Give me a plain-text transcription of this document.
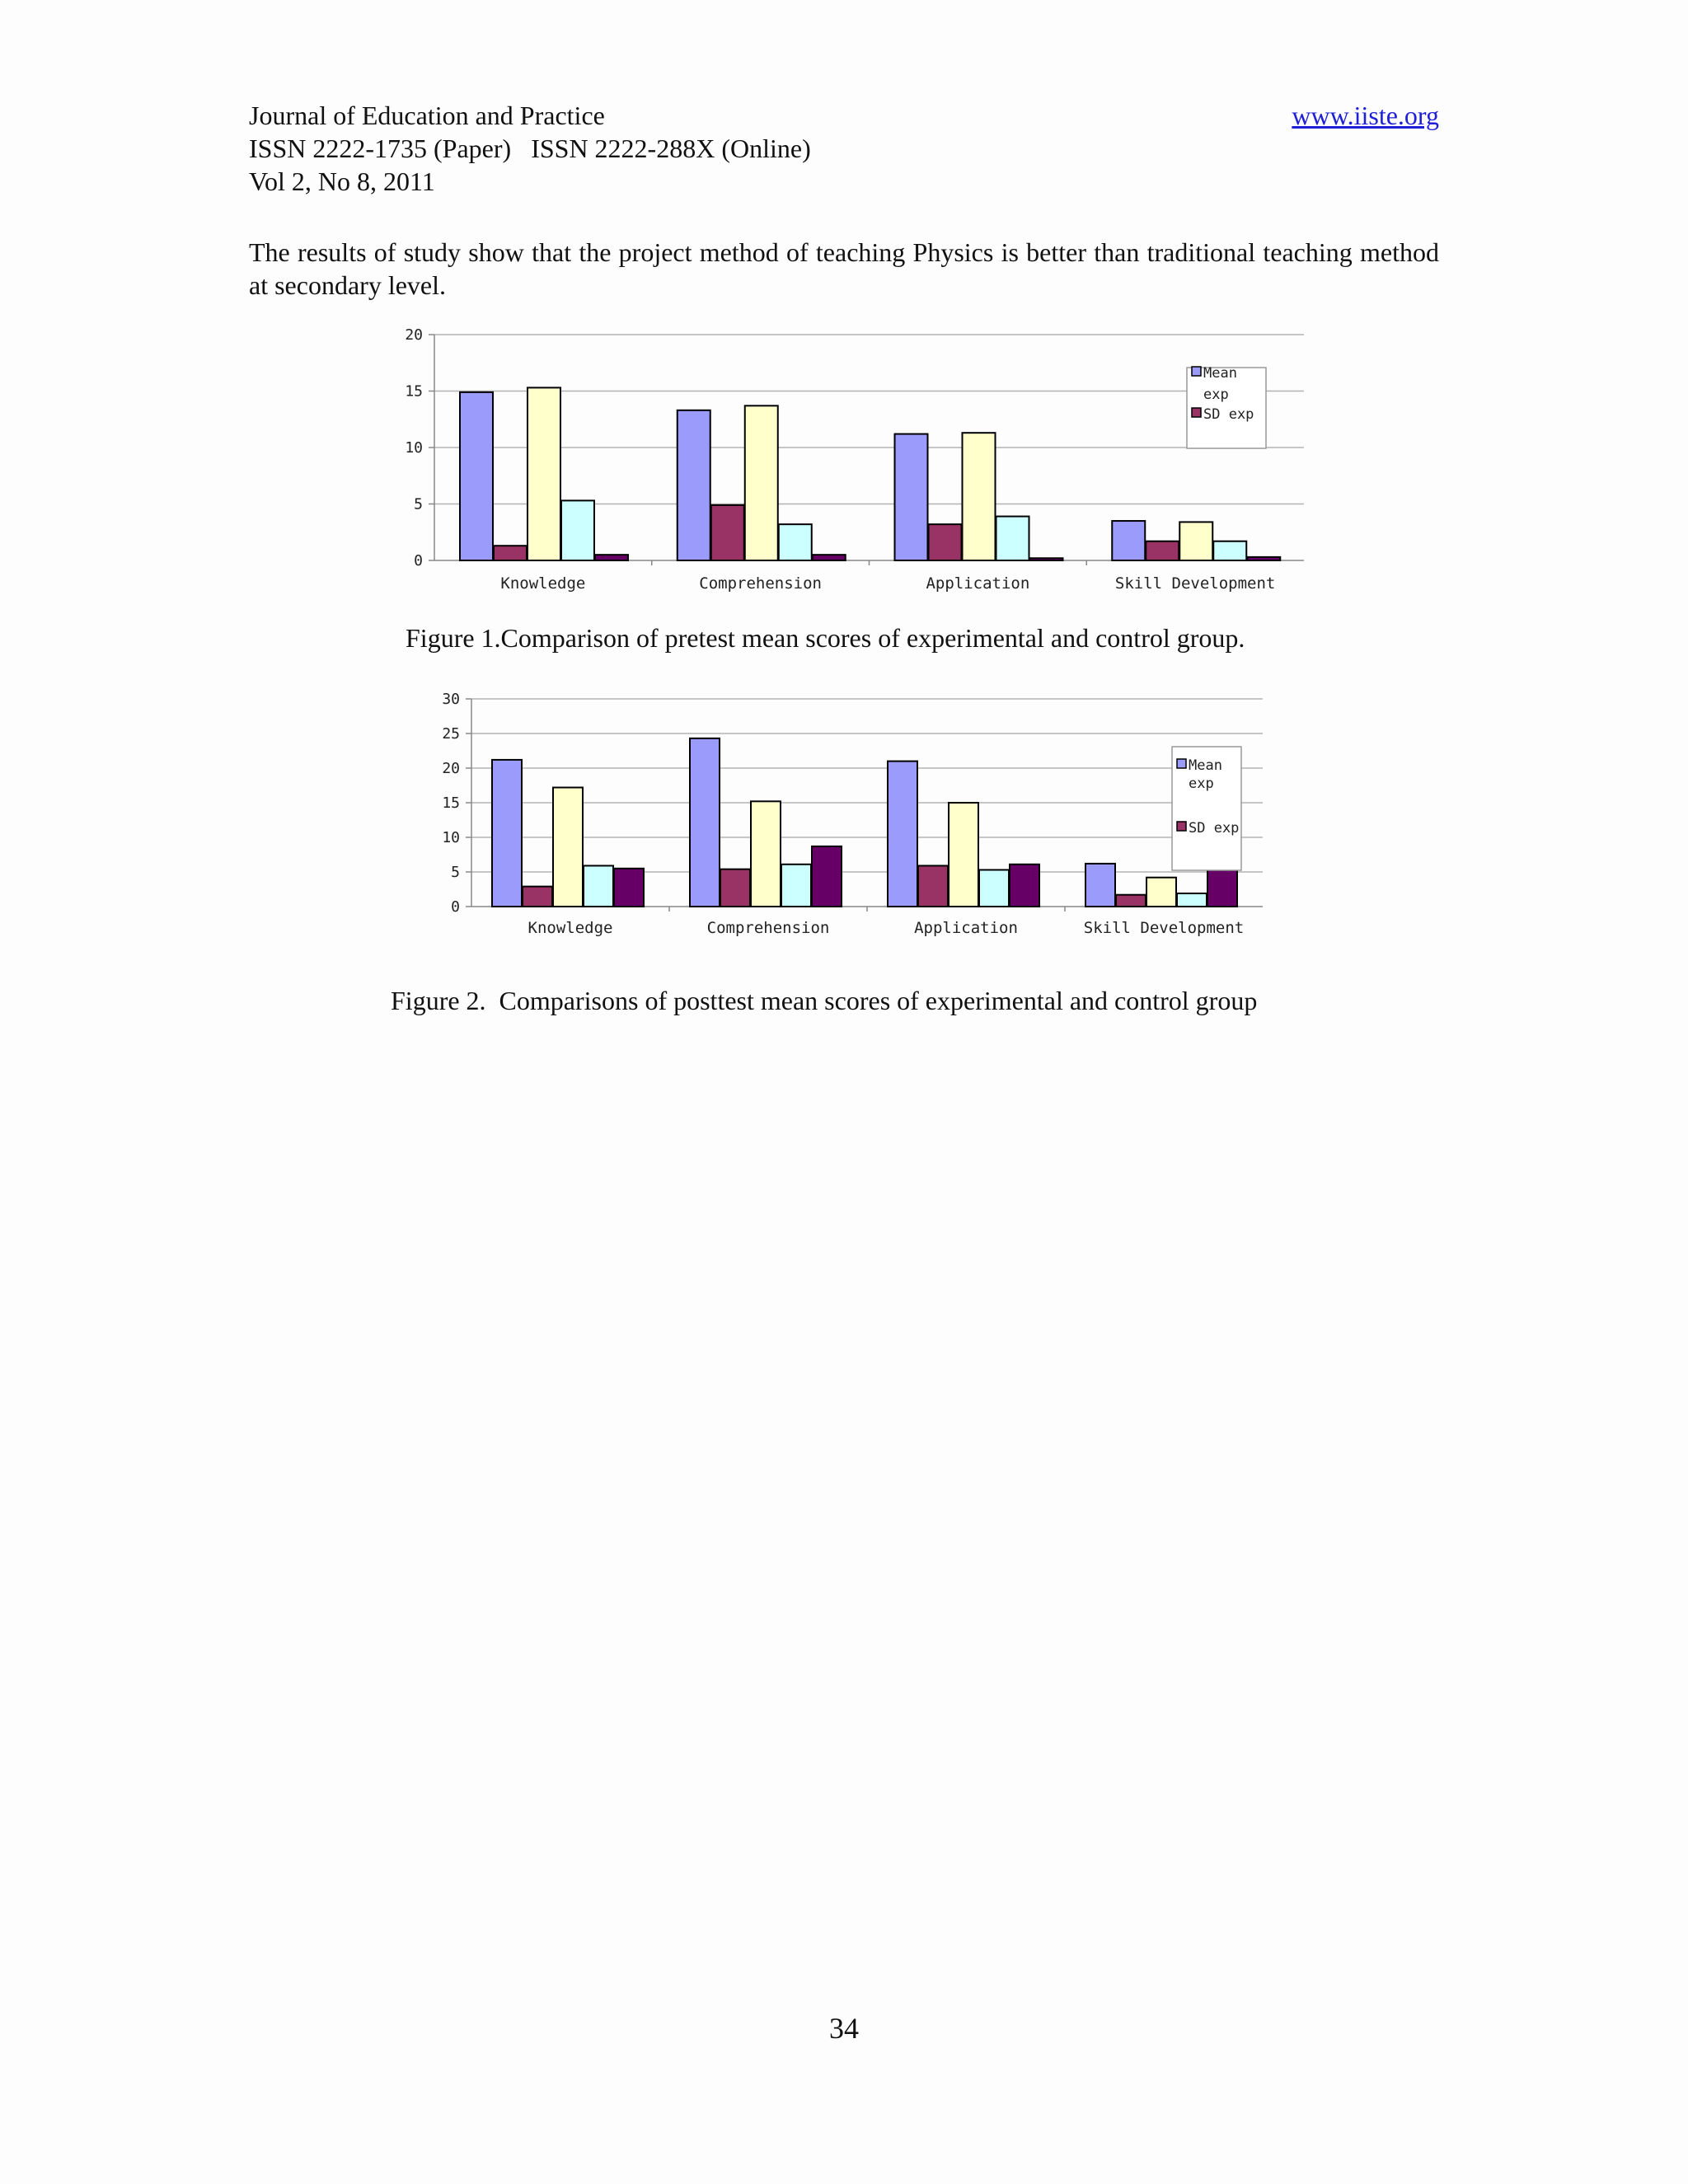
Journal of Education and Practice	www.iiste.org
ISSN 2222-1735 (Paper)   ISSN 2222-288X (Online)
Vol 2, No 8, 2011

The results of study show that the project method of teaching Physics is better than traditional teaching method at secondary level.

0
5
10
15
20
Knowledge	Comprehension	Application	Skill Development
Mean
exp
SD exp
Figure 1.Comparison of pretest mean scores of experimental and control group.
0
5
10
15
20
25
30
Knowledge	Comprehension	Application	Skill Development
Mean
exp
SD exp
Figure 2.  Comparisons of posttest mean scores of experimental and control group
34
